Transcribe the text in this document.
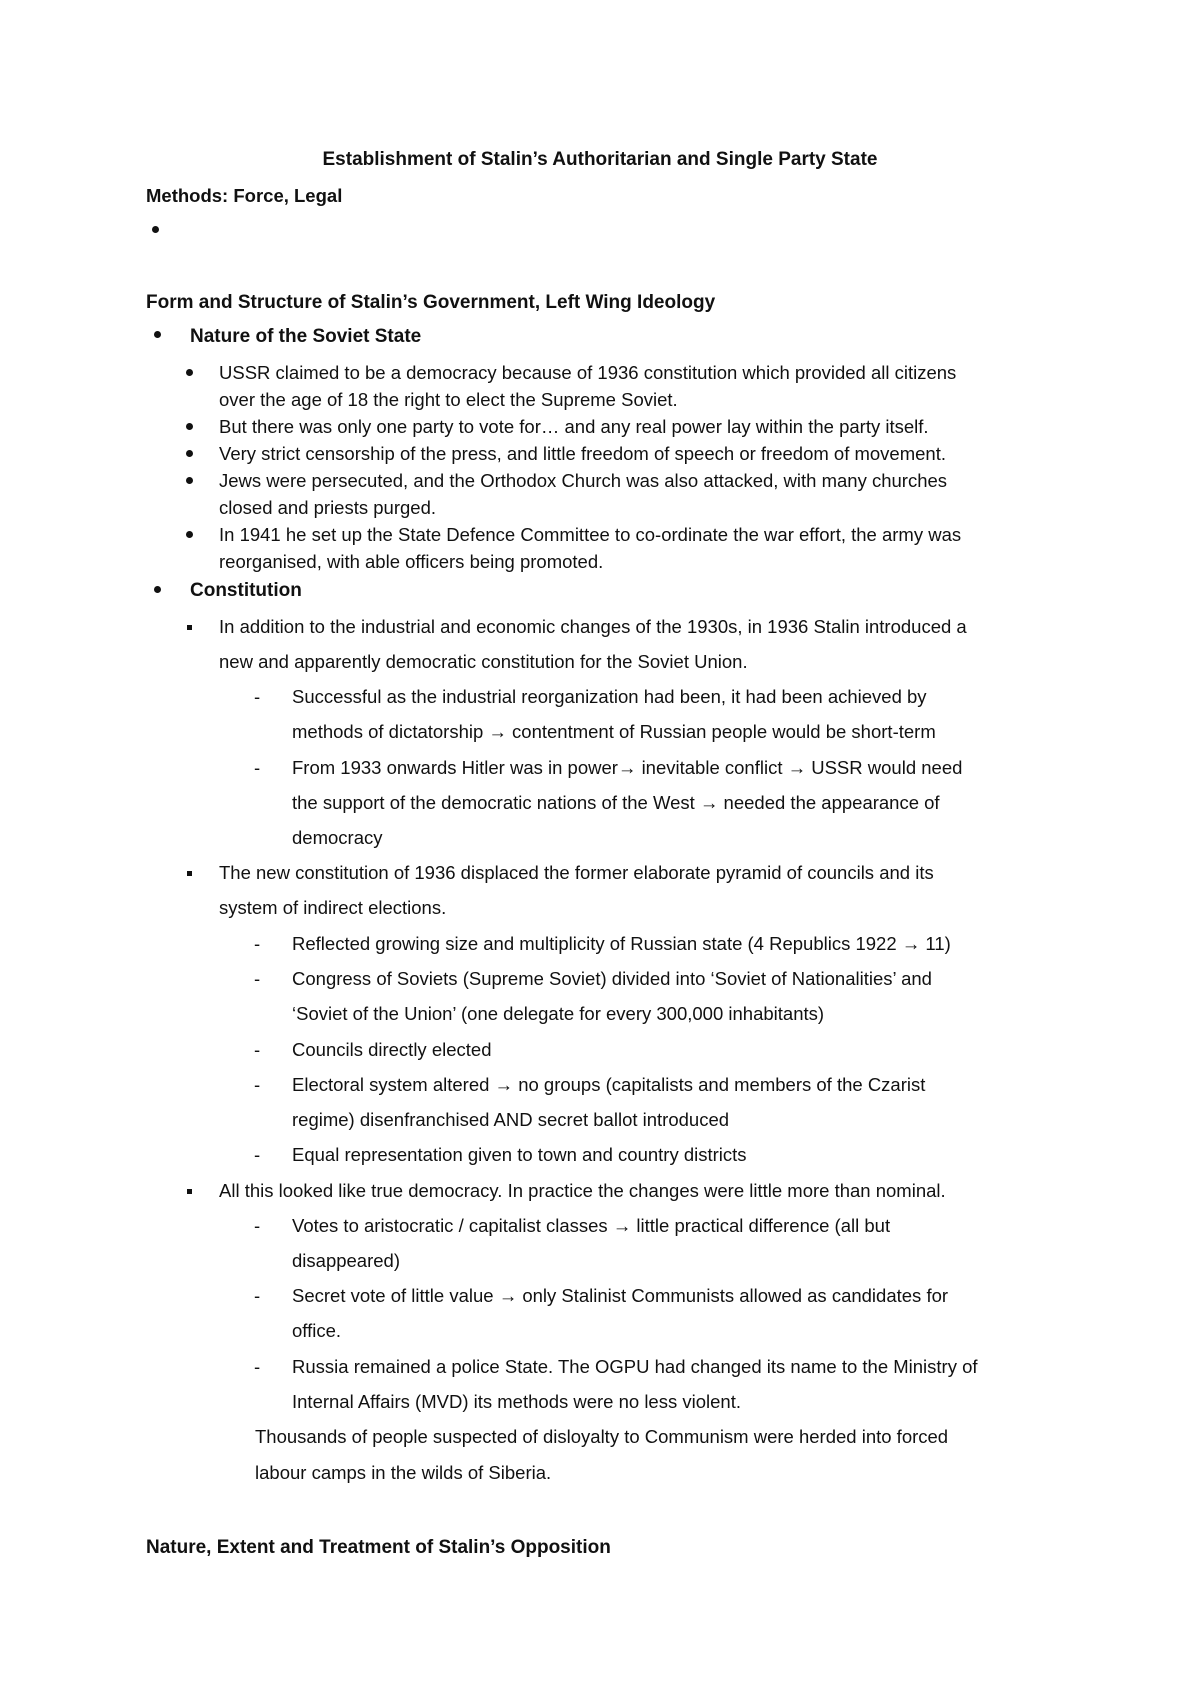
Establishment of Stalin’s Authoritarian and Single Party State
Methods: Force, Legal
Form and Structure of Stalin’s Government, Left Wing Ideology
Nature of the Soviet State
USSR claimed to be a democracy because of 1936 constitution which provided all citizens
over the age of 18 the right to elect the Supreme Soviet.
But there was only one party to vote for… and any real power lay within the party itself.
Very strict censorship of the press, and little freedom of speech or freedom of movement.
Jews were persecuted, and the Orthodox Church was also attacked, with many churches
closed and priests purged.
In 1941 he set up the State Defence Committee to co-ordinate the war effort, the army was
reorganised, with able officers being promoted.
Constitution
In addition to the industrial and economic changes of the 1930s, in 1936 Stalin introduced a
new and apparently democratic constitution for the Soviet Union.
- Successful as the industrial reorganization had been, it had been achieved by
methods of dictatorship → contentment of Russian people would be short-term
- From 1933 onwards Hitler was in power→ inevitable conflict → USSR would need
the support of the democratic nations of the West → needed the appearance of
democracy
The new constitution of 1936 displaced the former elaborate pyramid of councils and its
system of indirect elections.
- Reflected growing size and multiplicity of Russian state (4 Republics 1922 → 11)
- Congress of Soviets (Supreme Soviet) divided into ‘Soviet of Nationalities’ and
‘Soviet of the Union’ (one delegate for every 300,000 inhabitants)
- Councils directly elected
- Electoral system altered → no groups (capitalists and members of the Czarist
regime) disenfranchised AND secret ballot introduced
- Equal representation given to town and country districts
All this looked like true democracy. In practice the changes were little more than nominal.
- Votes to aristocratic / capitalist classes → little practical difference (all but
disappeared)
- Secret vote of little value → only Stalinist Communists allowed as candidates for
office.
- Russia remained a police State. The OGPU had changed its name to the Ministry of
Internal Affairs (MVD) its methods were no less violent.
Thousands of people suspected of disloyalty to Communism were herded into forced
labour camps in the wilds of Siberia.
Nature, Extent and Treatment of Stalin’s Opposition
